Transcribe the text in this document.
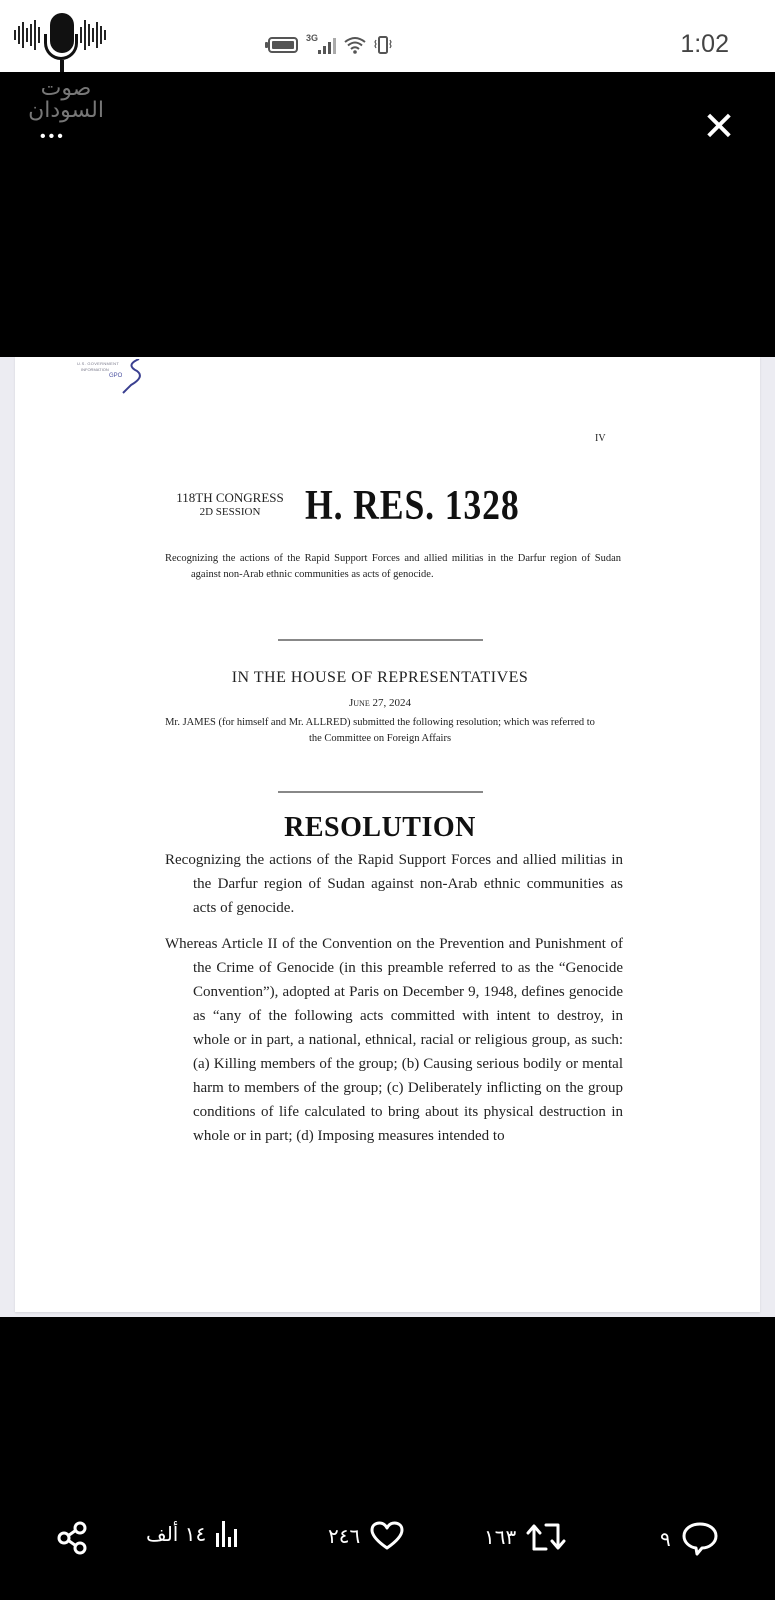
3G	1:02
صوت
السودان
•••	✕
U.S. GOVERNMENT
INFORMATION
GPO
IV
118TH CONGRESS
2D SESSION	H. RES. 1328
Recognizing the actions of the Rapid Support Forces and allied militias in the Darfur region of Sudan against non-Arab ethnic communities as acts of genocide.
IN THE HOUSE OF REPRESENTATIVES
June 27, 2024
Mr. JAMES (for himself and Mr. ALLRED) submitted the following resolution; which was referred to the Committee on Foreign Affairs
RESOLUTION
Recognizing the actions of the Rapid Support Forces and allied militias in the Darfur region of Sudan against non-Arab ethnic communities as acts of genocide.
Whereas Article II of the Convention on the Prevention and Punishment of the Crime of Genocide (in this preamble referred to as the “Genocide Convention”), adopted at Paris on December 9, 1948, defines genocide as “any of the following acts committed with intent to destroy, in whole or in part, a national, ethnical, racial or religious group, as such: (a) Killing members of the group; (b) Causing serious bodily or mental harm to members of the group; (c) Deliberately inflicting on the group conditions of life calculated to bring about its physical destruction in whole or in part; (d) Imposing measures intended to
١٤ ألف	٢٤٦	١٦٣	٩
